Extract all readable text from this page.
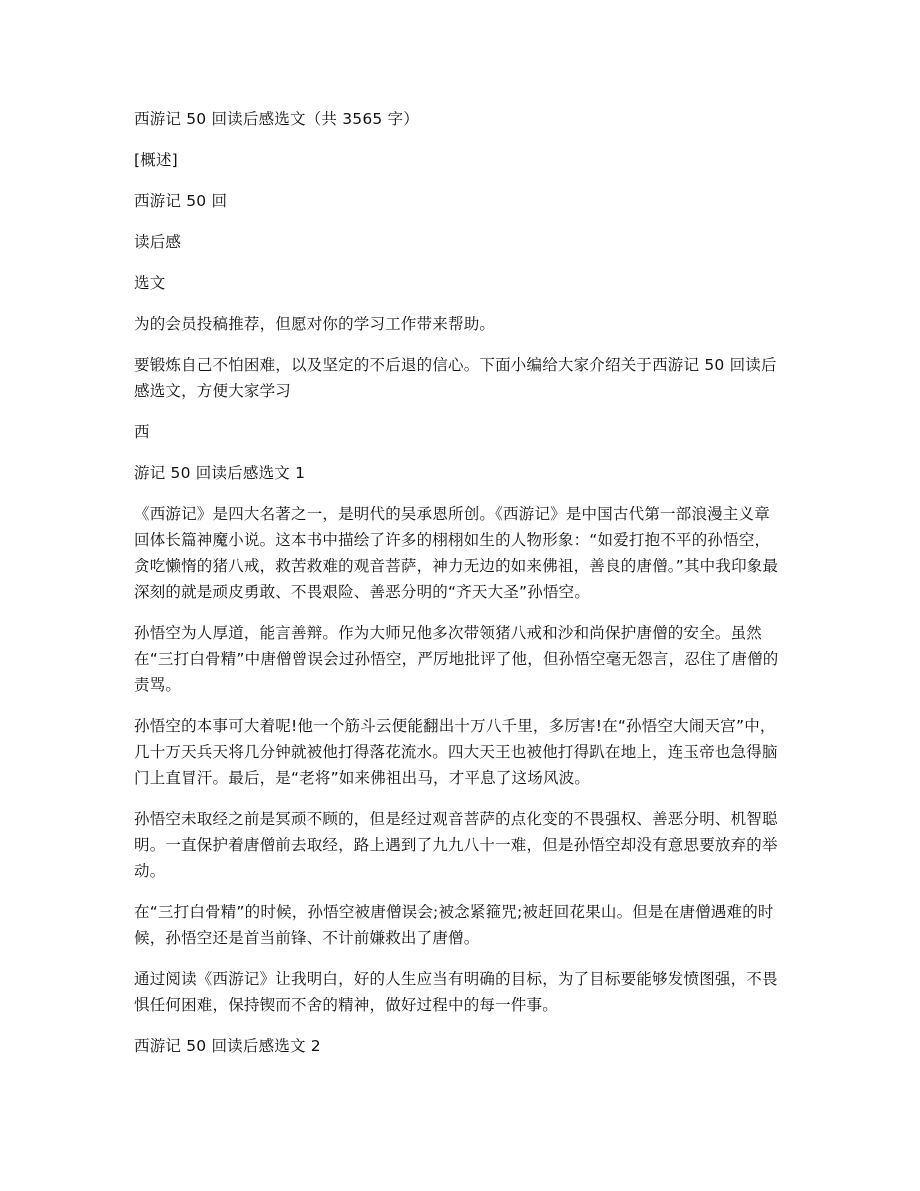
西游记 50 回读后感选文（共 3565 字）

[概述]

西游记 50 回

读后感

选文

为的会员投稿推荐，但愿对你的学习工作带来帮助。

要锻炼自己不怕困难，以及坚定的不后退的信心。下面小编给大家介绍关于西游记 50 回读后感选文，方便大家学习

西

游记 50 回读后感选文 1

《西游记》是四大名著之一，是明代的吴承恩所创。《西游记》是中国古代第一部浪漫主义章回体长篇神魔小说。这本书中描绘了许多的栩栩如生的人物形象：“如爱打抱不平的孙悟空，贪吃懒惰的猪八戒，救苦救难的观音菩萨，神力无边的如来佛祖，善良的唐僧。”其中我印象最深刻的就是顽皮勇敢、不畏艰险、善恶分明的“齐天大圣”孙悟空。

孙悟空为人厚道，能言善辩。作为大师兄他多次带领猪八戒和沙和尚保护唐僧的安全。虽然在“三打白骨精”中唐僧曾误会过孙悟空，严厉地批评了他，但孙悟空毫无怨言，忍住了唐僧的责骂。

孙悟空的本事可大着呢!他一个筋斗云便能翻出十万八千里，多厉害!在“孙悟空大闹天宫”中，几十万天兵天将几分钟就被他打得落花流水。四大天王也被他打得趴在地上，连玉帝也急得脑门上直冒汗。最后，是“老将”如来佛祖出马，才平息了这场风波。

孙悟空未取经之前是冥顽不顾的，但是经过观音菩萨的点化变的不畏强权、善恶分明、机智聪明。一直保护着唐僧前去取经，路上遇到了九九八十一难，但是孙悟空却没有意思要放弃的举动。

在“三打白骨精”的时候，孙悟空被唐僧误会;被念紧箍咒;被赶回花果山。但是在唐僧遇难的时候，孙悟空还是首当前锋、不计前嫌救出了唐僧。

通过阅读《西游记》让我明白，好的人生应当有明确的目标，为了目标要能够发愤图强，不畏惧任何困难，保持锲而不舍的精神，做好过程中的每一件事。

西游记 50 回读后感选文 2
